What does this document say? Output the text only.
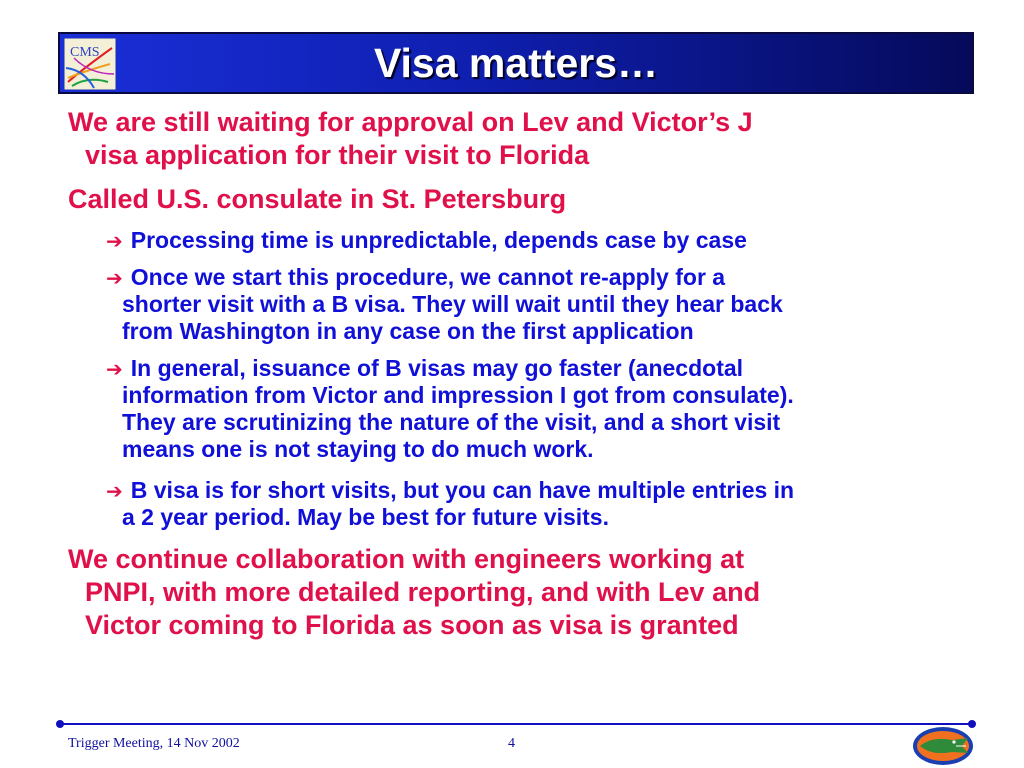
CMS	Visa matters…
We are still waiting for approval on Lev and Victor’s J
visa application for their visit to Florida
Called U.S. consulate in St. Petersburg
➔ Processing time is unpredictable, depends case by case
➔ Once we start this procedure, we cannot re-apply for a
shorter visit with a B visa. They will wait until they hear back
from Washington in any case on the first application
➔ In general, issuance of B visas may go faster (anecdotal
information from Victor and impression I got from consulate).
They are scrutinizing the nature of the visit, and a short visit
means one is not staying to do much work.
➔ B visa is for short visits, but you can have multiple entries in
a 2 year period. May be best for future visits.
We continue collaboration with engineers working at
PNPI, with more detailed reporting, and with Lev and
Victor coming to Florida as soon as visa is granted
Trigger Meeting, 14 Nov 2002	4
